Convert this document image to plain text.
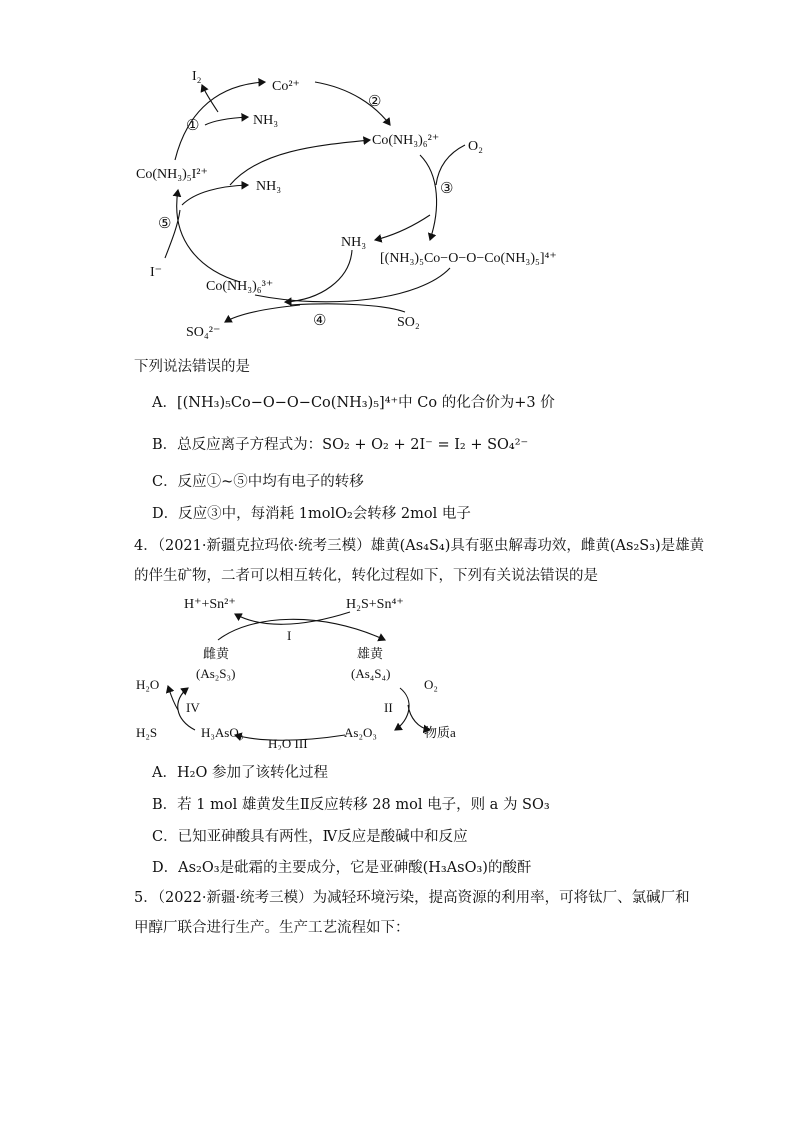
I₂
Co²⁺
①	NH₃
②
Co(NH₃)₆²⁺ O₂
Co(NH₃)₅I²⁺
NH₃	③
⑤
NH₃
[(NH₃)₅Co−O−O−Co(NH₃)₅]⁴⁺
I⁻
Co(NH₃)₆³⁺
SO₄²⁻
④	SO₂
下列说法错误的是
A．[(NH₃)₅Co−O−O−Co(NH₃)₅]⁴⁺中 Co 的化合价为+3 价
B．总反应离子方程式为：SO₂ + O₂ + 2I⁻ = I₂ + SO₄²⁻
C．反应①~⑤中均有电子的转移
D．反应③中，每消耗 1molO₂会转移 2mol 电子
4．（2021·新疆克拉玛依·统考三模）雄黄(As₄S₄)具有驱虫解毒功效，雌黄(As₂S₃)是雄黄
的伴生矿物，二者可以相互转化，转化过程如下，下列有关说法错误的是
H⁺+Sn²⁺	H₂S+Sn⁴⁺
I
雌黄
(As₂S₃)
雄黄
(As₄S₄)
H₂O	O₂
IV	II
H₂S	H₃AsO₃	As₂O₃	物质a
H₂O III
A．H₂O 参加了该转化过程
B．若 1 mol 雄黄发生Ⅱ反应转移 28 mol 电子，则 a 为 SO₃
C．已知亚砷酸具有两性，Ⅳ反应是酸碱中和反应
D．As₂O₃是砒霜的主要成分，它是亚砷酸(H₃AsO₃)的酸酐
5．（2022·新疆·统考三模）为减轻环境污染，提高资源的利用率，可将钛厂、氯碱厂和
甲醇厂联合进行生产。生产工艺流程如下：
